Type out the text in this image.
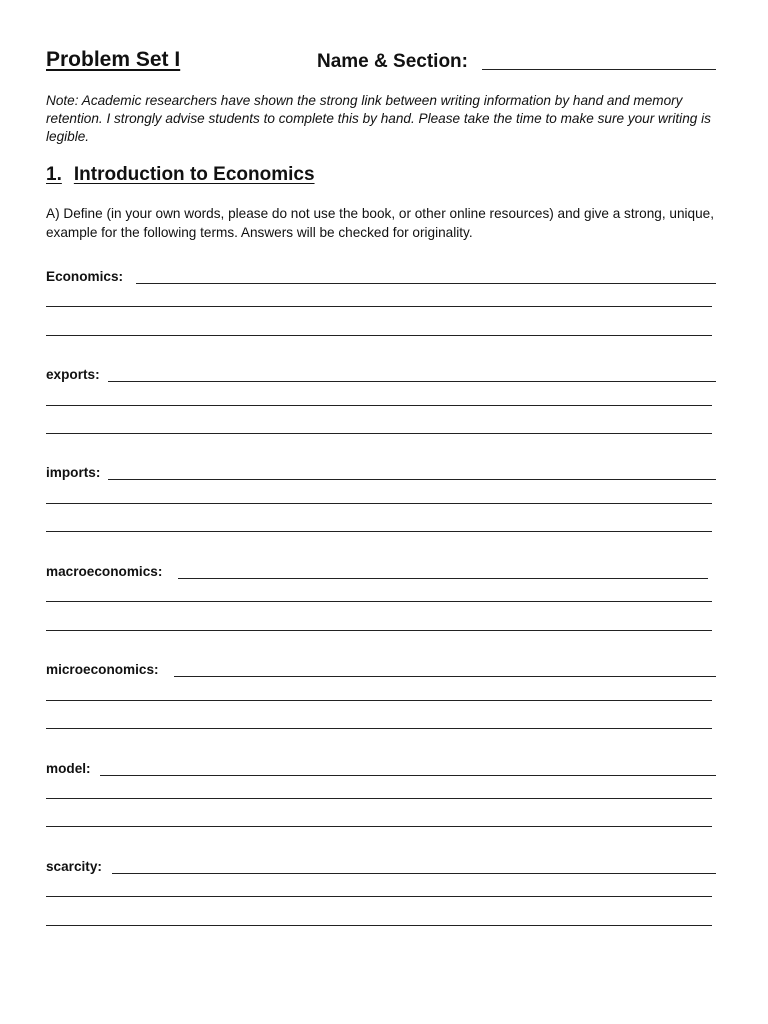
Problem Set I	Name & Section:
Note: Academic researchers have shown the strong link between writing information by hand and memory retention. I strongly advise students to complete this by hand. Please take the time to make sure your writing is legible.
1. Introduction to Economics
A) Define (in your own words, please do not use the book, or other online resources) and give a strong, unique, example for the following terms. Answers will be checked for originality.
Economics:
exports:
imports:
macroeconomics:
microeconomics:
model:
scarcity:
